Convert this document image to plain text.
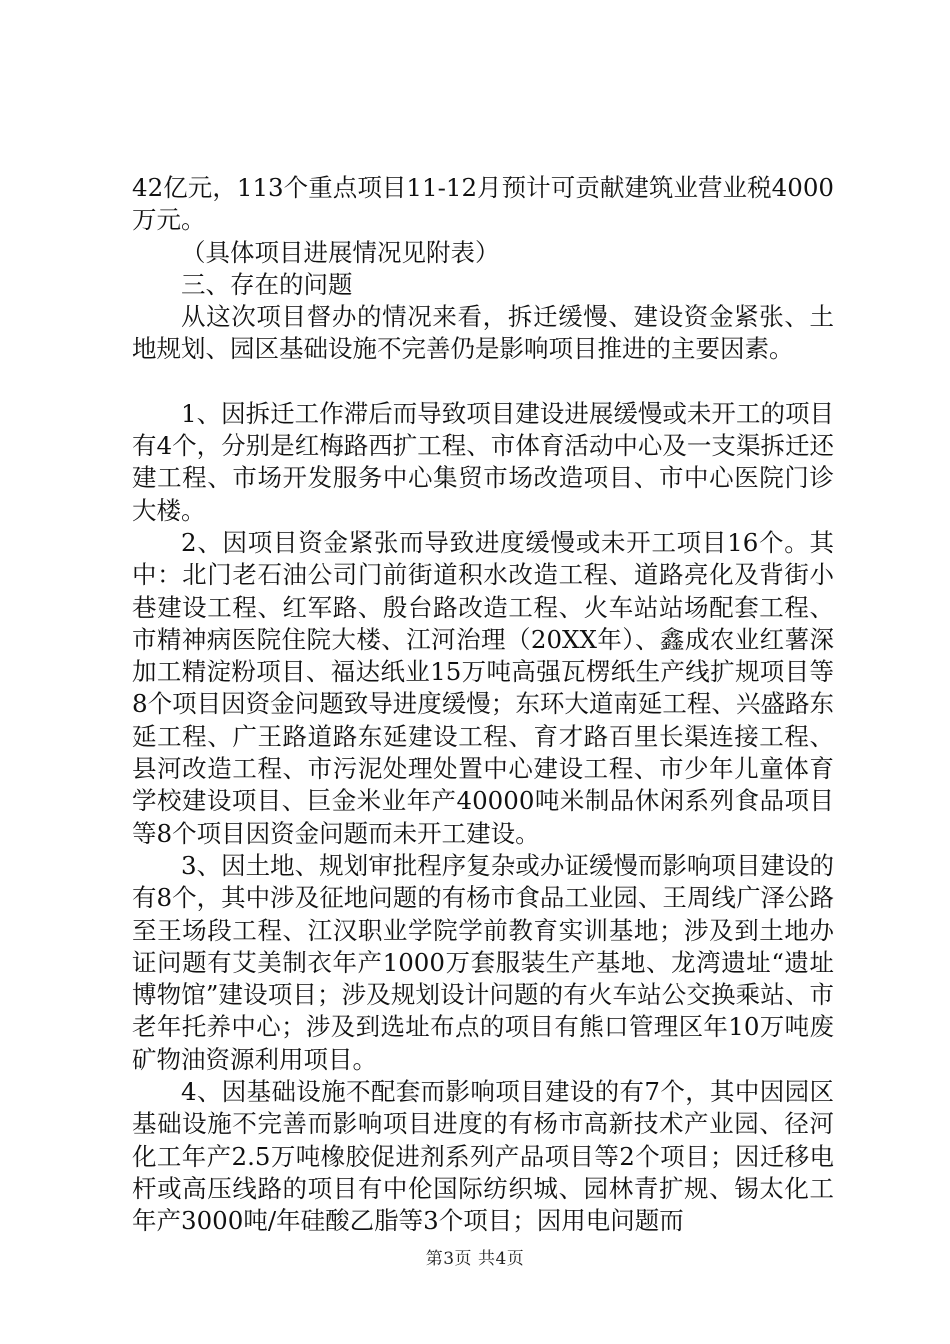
42亿元，113个重点项目11-12月预计可贡献建筑业营业税4000万元。

（具体项目进展情况见附表）

三、存在的问题

从这次项目督办的情况来看，拆迁缓慢、建设资金紧张、土地规划、园区基础设施不完善仍是影响项目推进的主要因素。

1、因拆迁工作滞后而导致项目建设进展缓慢或未开工的项目有4个，分别是红梅路西扩工程、市体育活动中心及一支渠拆迁还建工程、市场开发服务中心集贸市场改造项目、市中心医院门诊大楼。

2、因项目资金紧张而导致进度缓慢或未开工项目16个。其中：北门老石油公司门前街道积水改造工程、道路亮化及背街小巷建设工程、红军路、殷台路改造工程、火车站站场配套工程、市精神病医院住院大楼、江河治理（20XX年）、鑫成农业红薯深加工精淀粉项目、福达纸业15万吨高强瓦楞纸生产线扩规项目等8个项目因资金问题致导进度缓慢；东环大道南延工程、兴盛路东延工程、广王路道路东延建设工程、育才路百里长渠连接工程、县河改造工程、市污泥处理处置中心建设工程、市少年儿童体育学校建设项目、巨金米业年产40000吨米制品休闲系列食品项目等8个项目因资金问题而未开工建设。

3、因土地、规划审批程序复杂或办证缓慢而影响项目建设的有8个，其中涉及征地问题的有杨市食品工业园、王周线广泽公路至王场段工程、江汉职业学院学前教育实训基地；涉及到土地办证问题有艾美制衣年产1000万套服装生产基地、龙湾遗址“遗址博物馆”建设项目；涉及规划设计问题的有火车站公交换乘站、市老年托养中心；涉及到选址布点的项目有熊口管理区年10万吨废矿物油资源利用项目。

4、因基础设施不配套而影响项目建设的有7个，其中因园区基础设施不完善而影响项目进度的有杨市高新技术产业园、径河化工年产2.5万吨橡胶促进剂系列产品项目等2个项目；因迁移电杆或高压线路的项目有中伦国际纺织城、园林青扩规、锡太化工年产3000吨/年硅酸乙脂等3个项目；因用电问题而

第3页 共4页
